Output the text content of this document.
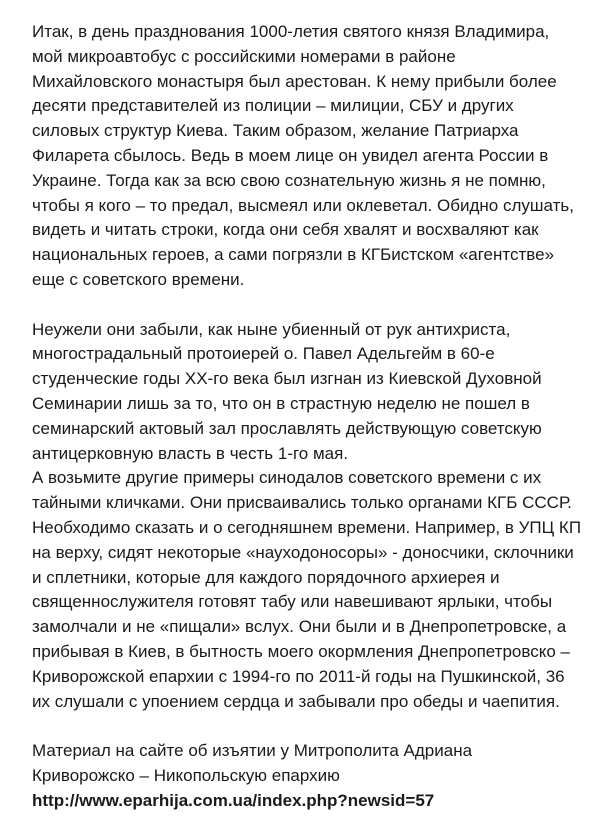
Итак, в день празднования 1000-летия святого князя Владимира,
мой микроавтобус с российскими номерами в районе
Михайловского монастыря был арестован. К нему прибыли более
десяти представителей из полиции – милиции, СБУ и других
силовых структур Киева. Таким образом, желание Патриарха
Филарета сбылось. Ведь в моем лице он увидел агента России в
Украине. Тогда как за всю свою сознательную жизнь я не помню,
чтобы я кого – то предал, высмеял или оклеветал. Обидно слушать,
видеть и читать строки, когда они себя хвалят и восхваляют как
национальных героев, а сами погрязли в КГБистском «агентстве»
еще с советского времени.
Неужели они забыли, как ныне убиенный от рук антихриста,
многострадальный протоиерей о. Павел Адельгейм в 60-е
студенческие годы XX-го века был изгнан из Киевской Духовной
Семинарии лишь за то, что он в страстную неделю не пошел в
семинарский актовый зал прославлять действующую советскую
антицерковную власть в честь 1-го мая.
А возьмите другие примеры синодалов советского времени с их
тайными кличками. Они присваивались только органами КГБ СССР.
Необходимо сказать и о сегодняшнем времени. Например, в УПЦ КП
на верху, сидят некоторые «науходоносоры» - доносчики, склочники
и сплетники, которые для каждого порядочного архиерея и
священнослужителя готовят табу или навешивают ярлыки, чтобы
замолчали и не «пищали» вслух. Они были и в Днепропетровске, а
прибывая в Киев, в бытность моего окормления Днепропетровско –
Криворожской епархии с 1994-го по 2011-й годы на Пушкинской, 36
их слушали с упоением сердца и забывали про обеды и чаепития.
Материал на сайте об изъятии у Митрополита Адриана
Криворожско – Никопольскую епархию
http://www.eparhija.com.ua/index.php?newsid=57
